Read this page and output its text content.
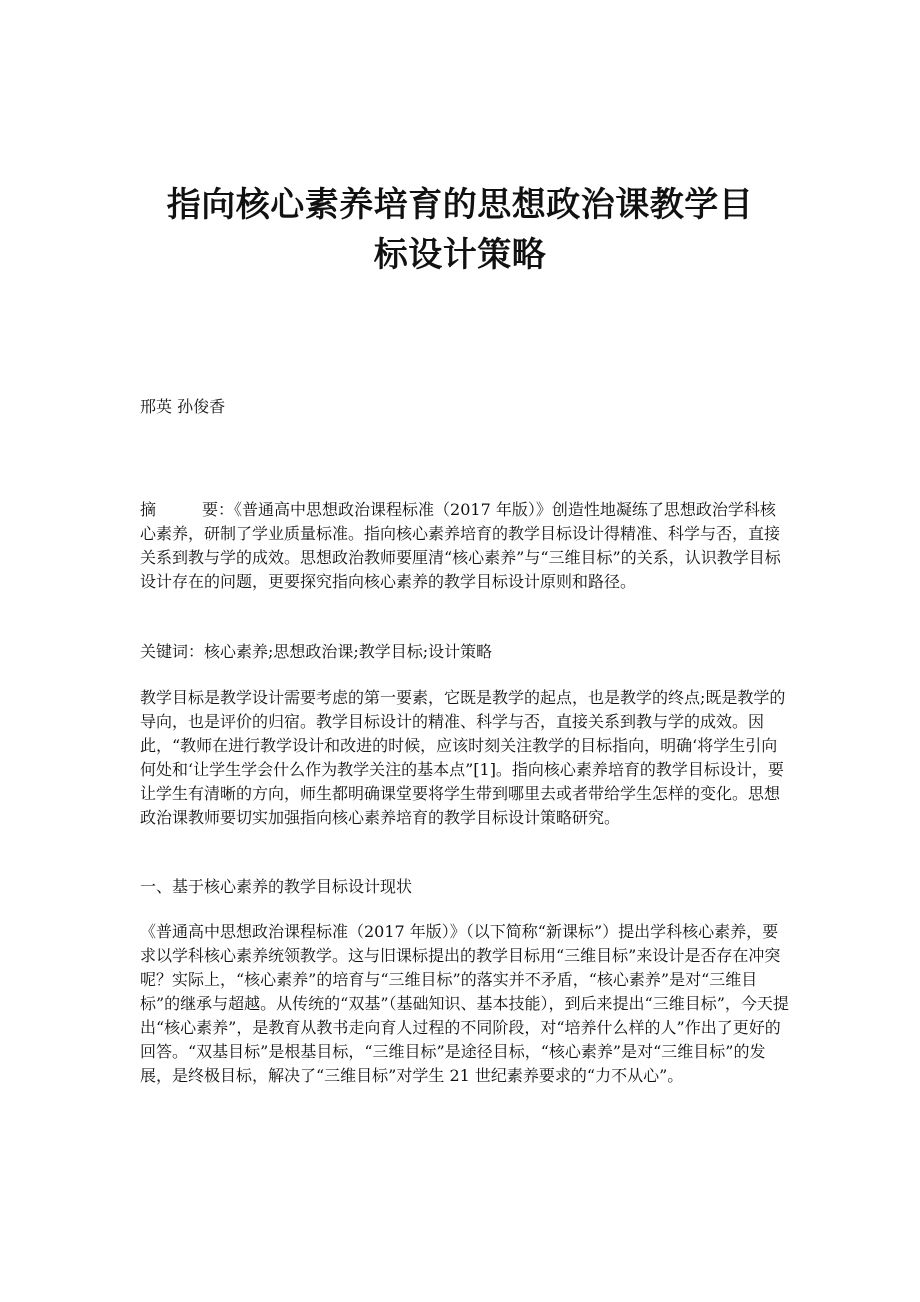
指向核心素养培育的思想政治课教学目
标设计策略
邢英 孙俊香

摘	要：《普通高中思想政治课程标准（2017 年版）》创造性地凝练了思想政治学科核心素养，研制了学业质量标准。指向核心素养培育的教学目标设计得精准、科学与否，直接关系到教与学的成效。思想政治教师要厘清“核心素养”与“三维目标”的关系，认识教学目标设计存在的问题，更要探究指向核心素养的教学目标设计原则和路径。

关键词：核心素养;思想政治课;教学目标;设计策略

教学目标是教学设计需要考虑的第一要素，它既是教学的起点，也是教学的终点;既是教学的导向，也是评价的归宿。教学目标设计的精准、科学与否，直接关系到教与学的成效。因此，“教师在进行教学设计和改进的时候，应该时刻关注教学的目标指向，明确‘将学生引向何处和‘让学生学会什么作为教学关注的基本点”[1]。指向核心素养培育的教学目标设计，要让学生有清晰的方向，师生都明确课堂要将学生带到哪里去或者带给学生怎样的变化。思想政治课教师要切实加强指向核心素养培育的教学目标设计策略研究。

一、基于核心素养的教学目标设计现状

《普通高中思想政治课程标准（2017 年版）》（以下简称“新课标”）提出学科核心素养，要求以学科核心素养统领教学。这与旧课标提出的教学目标用“三维目标”来设计是否存在冲突呢？实际上，“核心素养”的培育与“三维目标”的落实并不矛盾，“核心素养”是对“三维目标”的继承与超越。从传统的“双基”（基础知识、基本技能），到后来提出“三维目标”，今天提出“核心素养”，是教育从教书走向育人过程的不同阶段，对“培养什么样的人”作出了更好的回答。“双基目标”是根基目标，“三维目标”是途径目标，“核心素养”是对“三维目标”的发展，是终极目标，解决了“三维目标”对学生 21 世纪素养要求的“力不从心”。
